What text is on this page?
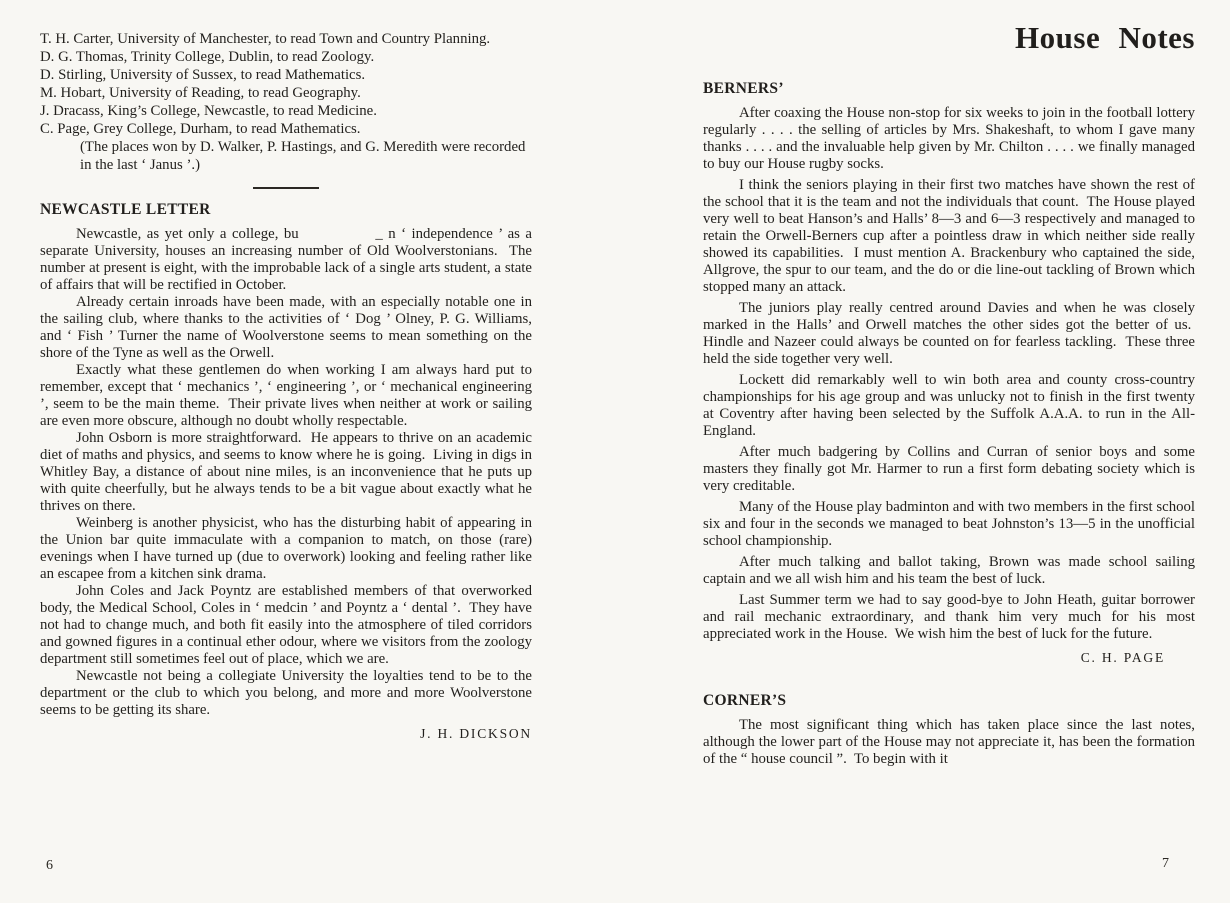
T. H. Carter, University of Manchester, to read Town and Country Planning.
D. G. Thomas, Trinity College, Dublin, to read Zoology.
D. Stirling, University of Sussex, to read Mathematics.
M. Hobart, University of Reading, to read Geography.
J. Dracass, King’s College, Newcastle, to read Medicine.
C. Page, Grey College, Durham, to read Mathematics.
(The places won by D. Walker, P. Hastings, and G. Meredith were recorded in the last ‘ Janus ’.)
NEWCASTLE LETTER

Newcastle, as yet only a college, bu              _ n ‘ independence ’ as a separate University, houses an increasing number of Old Woolverstonians.  The number at present is eight, with the improbable lack of a single arts student, a state of affairs that will be rectified in October.

Already certain inroads have been made, with an especially notable one in the sailing club, where thanks to the activities of ‘ Dog ’ Olney, P. G. Williams, and ‘ Fish ’ Turner the name of Woolverstone seems to mean something on the shore of the Tyne as well as the Orwell.

Exactly what these gentlemen do when working I am always hard put to remember, except that ‘ mechanics ’, ‘ engineering ’, or ‘ mechanical engineering ’, seem to be the main theme.  Their private lives when neither at work or sailing are even more obscure, although no doubt wholly respectable.

John Osborn is more straightforward.  He appears to thrive on an academic diet of maths and physics, and seems to know where he is going.  Living in digs in Whitley Bay, a distance of about nine miles, is an inconvenience that he puts up with quite cheerfully, but he always tends to be a bit vague about exactly what he thrives on there.

Weinberg is another physicist, who has the disturbing habit of appearing in the Union bar quite immaculate with a companion to match, on those (rare) evenings when I have turned up (due to overwork) looking and feeling rather like an escapee from a kitchen sink drama.

John Coles and Jack Poyntz are established members of that overworked body, the Medical School, Coles in ‘ medcin ’ and Poyntz a ‘ dental ’.  They have not had to change much, and both fit easily into the atmosphere of tiled corridors and gowned figures in a continual ether odour, where we visitors from the zoology department still sometimes feel out of place, which we are.

Newcastle not being a collegiate University the loyalties tend to be to the department or the club to which you belong, and more and more Woolverstone seems to be getting its share.

J. H. DICKSON
House Notes
BERNERS’

After coaxing the House non-stop for six weeks to join in the football lottery regularly . . . . the selling of articles by Mrs. Shakeshaft, to whom I gave many thanks . . . . and the invaluable help given by Mr. Chilton . . . . we finally managed to buy our House rugby socks.

I think the seniors playing in their first two matches have shown the rest of the school that it is the team and not the individuals that count.  The House played very well to beat Hanson’s and Halls’ 8—3 and 6—3 respectively and managed to retain the Orwell-Berners cup after a pointless draw in which neither side really showed its capabilities.  I must mention A. Brackenbury who captained the side, Allgrove, the spur to our team, and the do or die line-out tackling of Brown which stopped many an attack.

The juniors play really centred around Davies and when he was closely marked in the Halls’ and Orwell matches the other sides got the better of us.  Hindle and Nazeer could always be counted on for fearless tackling.  These three held the side together very well.

Lockett did remarkably well to win both area and county cross-country championships for his age group and was unlucky not to finish in the first twenty at Coventry after having been selected by the Suffolk A.A.A. to run in the All-England.

After much badgering by Collins and Curran of senior boys and some masters they finally got Mr. Harmer to run a first form debating society which is very creditable.

Many of the House play badminton and with two members in the first school six and four in the seconds we managed to beat Johnston’s 13—5 in the unofficial school championship.

After much talking and ballot taking, Brown was made school sailing captain and we all wish him and his team the best of luck.

Last Summer term we had to say good-bye to John Heath, guitar borrower and rail mechanic extraordinary, and thank him very much for his most appreciated work in the House.  We wish him the best of luck for the future.

C. H. PAGE
CORNER’S

The most significant thing which has taken place since the last notes, although the lower part of the House may not appreciate it, has been the formation of the “ house council ”.  To begin with it

6	7
